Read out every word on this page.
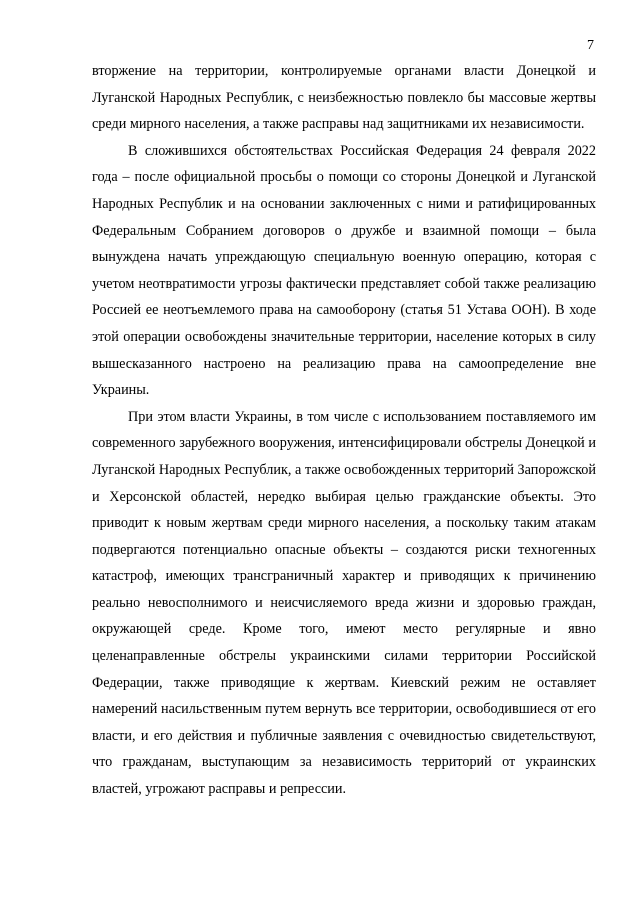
7

вторжение на территории, контролируемые органами власти Донецкой и Луганской Народных Республик, с неизбежностью повлекло бы массовые жертвы среди мирного населения, а также расправы над защитниками их независимости.

В сложившихся обстоятельствах Российская Федерация 24 февраля 2022 года – после официальной просьбы о помощи со стороны Донецкой и Луганской Народных Республик и на основании заключенных с ними и ратифицированных Федеральным Собранием договоров о дружбе и взаимной помощи – была вынуждена начать упреждающую специальную военную операцию, которая с учетом неотвратимости угрозы фактически представляет собой также реализацию Россией ее неотъемлемого права на самооборону (статья 51 Устава ООН). В ходе этой операции освобождены значительные территории, население которых в силу вышесказанного настроено на реализацию права на самоопределение вне Украины.

При этом власти Украины, в том числе с использованием поставляемого им современного зарубежного вооружения, интенсифицировали обстрелы Донецкой и Луганской Народных Республик, а также освобожденных территорий Запорожской и Херсонской областей, нередко выбирая целью гражданские объекты. Это приводит к новым жертвам среди мирного населения, а поскольку таким атакам подвергаются потенциально опасные объекты – создаются риски техногенных катастроф, имеющих трансграничный характер и приводящих к причинению реально невосполнимого и неисчисляемого вреда жизни и здоровью граждан, окружающей среде. Кроме того, имеют место регулярные и явно целенаправленные обстрелы украинскими силами территории Российской Федерации, также приводящие к жертвам. Киевский режим не оставляет намерений насильственным путем вернуть все территории, освободившиеся от его власти, и его действия и публичные заявления с очевидностью свидетельствуют, что гражданам, выступающим за независимость территорий от украинских властей, угрожают расправы и репрессии.
